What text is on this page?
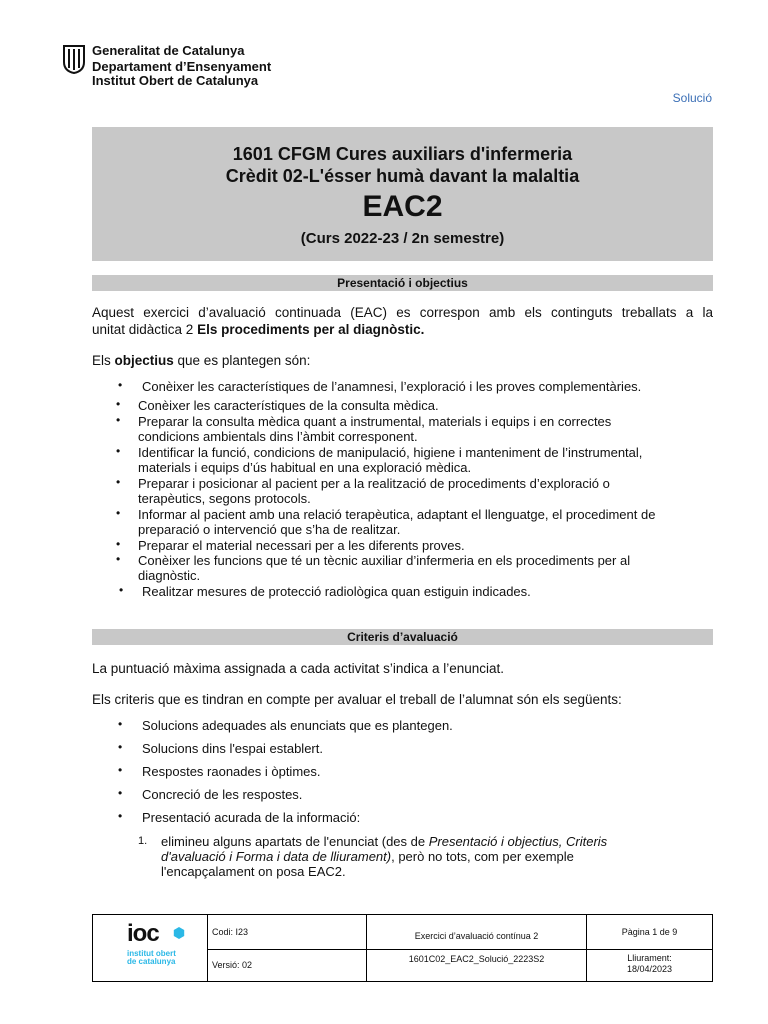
Generalitat de Catalunya
Departament d’Ensenyament
Institut Obert de Catalunya
Solució
1601 CFGM Cures auxiliars d'infermeria
Crèdit 02-L'ésser humà davant la malaltia
EAC2
(Curs 2022-23 / 2n semestre)
Presentació i objectius
Aquest exercici d’avaluació continuada (EAC) es correspon amb els continguts treballats a la
unitat didàctica 2 Els procediments per al diagnòstic.
Els objectius que es plantegen són:
• Conèixer les característiques de l’anamnesi, l’exploració i les proves complementàries.
• Conèixer les característiques de la consulta mèdica.
• Preparar la consulta mèdica quant a instrumental, materials i equips i en correctes
condicions ambientals dins l’àmbit corresponent.
• Identificar la funció, condicions de manipulació, higiene i manteniment de l’instrumental,
materials i equips d’ús habitual en una exploració mèdica.
• Preparar i posicionar al pacient per a la realització de procediments d’exploració o
terapèutics, segons protocols.
• Informar al pacient amb una relació terapèutica, adaptant el llenguatge, el procediment de
preparació o intervenció que s’ha de realitzar.
• Preparar el material necessari per a les diferents proves.
• Conèixer les funcions que té un tècnic auxiliar d’infermeria en els procediments per al
diagnòstic.
• Realitzar mesures de protecció radiològica quan estiguin indicades.
Criteris d’avaluació
La puntuació màxima assignada a cada activitat s’indica a l’enunciat.
Els criteris que es tindran en compte per avaluar el treball de l’alumnat són els següents:
• Solucions adequades als enunciats que es plantegen.
• Solucions dins l'espai establert.
• Respostes raonades i òptimes.
• Concreció de les respostes.
• Presentació acurada de la informació:
1. elimineu alguns apartats de l'enunciat (des de Presentació i objectius, Criteris
d'avaluació i Forma i data de lliurament), però no tots, com per exemple
l'encapçalament on posa EAC2.
ioc
institut obert
de catalunya
Codi: I23
Versió: 02
Exercici d’avaluació contínua 2
1601C02_EAC2_Solució_2223S2
Pàgina 1 de 9
Lliurament:
18/04/2023
